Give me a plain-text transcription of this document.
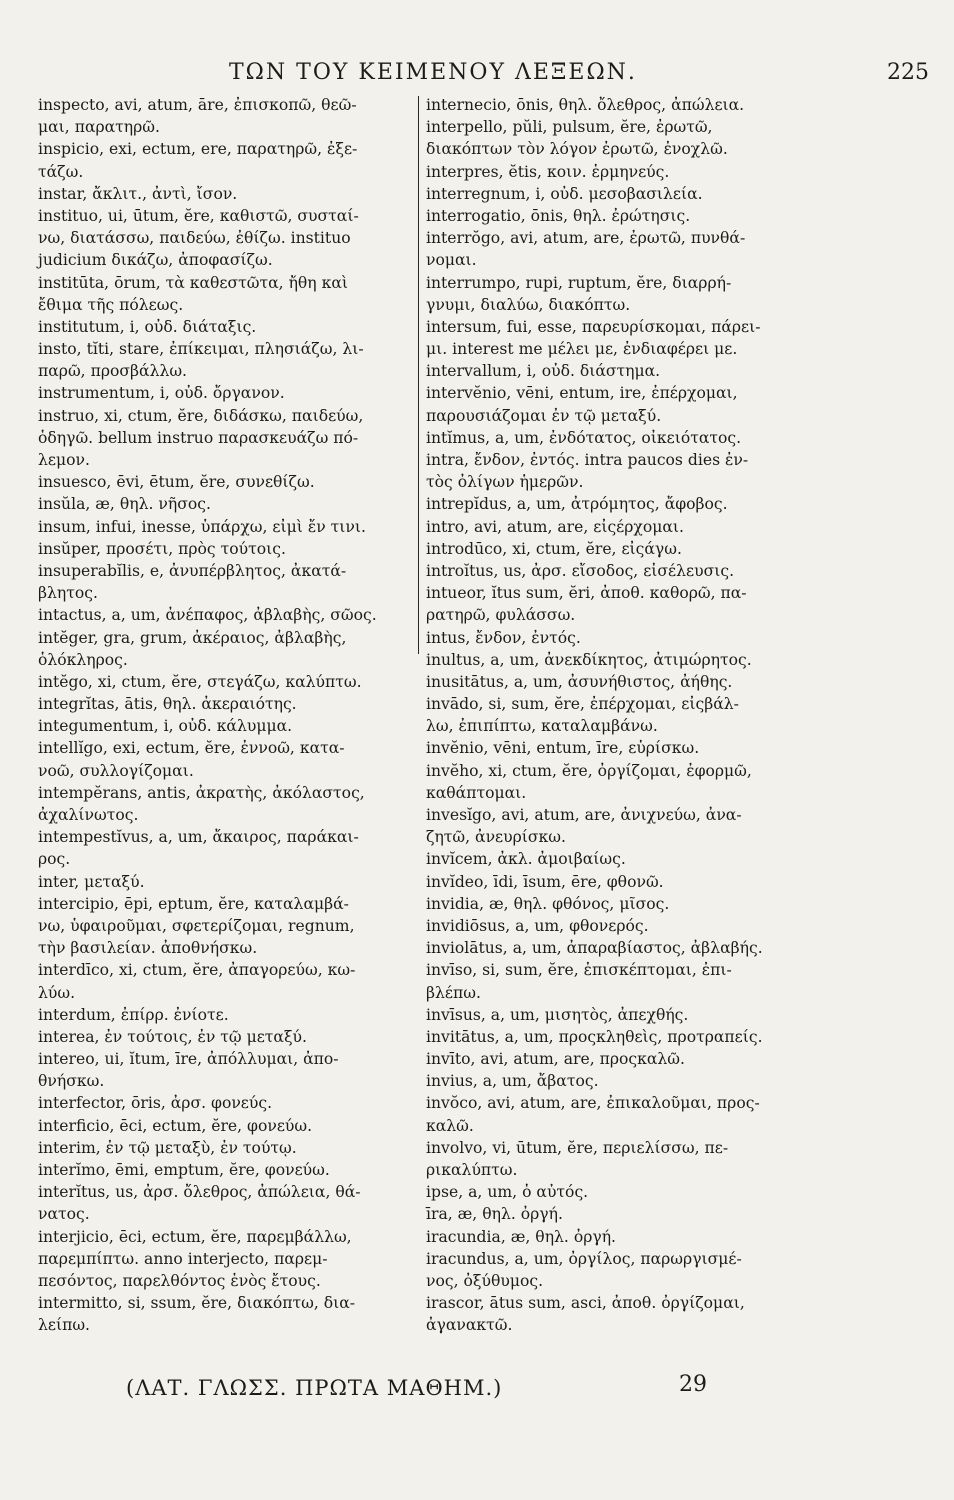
ΤΩΝ ΤΟΥ ΚΕΙΜΕΝΟΥ ΛΕΞΕΩΝ.	225
inspecto, avi, atum, āre, ἐπισκοπῶ, θεῶ-
μαι, παρατηρῶ.
inspicio, exi, ectum, ere, παρατηρῶ, ἐξε-
τάζω.
instar, ἄκλιτ., ἀντὶ, ἴσον.
instituo, ui, ūtum, ĕre, καθιστῶ, συσταί-
νω, διατάσσω, παιδεύω, ἐθίζω. instituo
judicium δικάζω, ἀποφασίζω.
institūta, ōrum, τὰ καθεστῶτα, ἤθη καὶ
ἔθιμα τῆς πόλεως.
institutum, i, οὐδ. διάταξις.
insto, tĭti, stare, ἐπίκειμαι, πλησιάζω, λι-
παρῶ, προσβάλλω.
instrumentum, i, οὐδ. ὄργανον.
instruo, xi, ctum, ĕre, διδάσκω, παιδεύω,
ὁδηγῶ. bellum instruo παρασκευάζω πό-
λεμον.
insuesco, ēvi, ētum, ĕre, συνεθίζω.
insŭla, æ, θηλ. νῆσος.
insum, infui, inesse, ὑπάρχω, εἰμὶ ἔν τινι.
insŭper, προσέτι, πρὸς τούτοις.
insuperabĭlis, e, ἀνυπέρβλητος, ἀκατά-
βλητος.
intactus, a, um, ἀνέπαφος, ἀβλαβὴς, σῶος.
intĕger, gra, grum, ἀκέραιος, ἀβλαβὴς,
ὁλόκληρος.
intĕgo, xi, ctum, ĕre, στεγάζω, καλύπτω.
integrĭtas, ātis, θηλ. ἀκεραιότης.
integumentum, i, οὐδ. κάλυμμα.
intellĭgo, exi, ectum, ĕre, ἐννοῶ, κατα-
νοῶ, συλλογίζομαι.
intempĕrans, antis, ἀκρατὴς, ἀκόλαστος,
ἀχαλίνωτος.
intempestĭvus, a, um, ἄκαιρος, παράκαι-
ρος.
inter, μεταξύ.
intercipio, ēpi, eptum, ĕre, καταλαμβά-
νω, ὑφαιροῦμαι, σφετερίζομαι, regnum,
τὴν βασιλείαν. ἀποθνήσκω.
interdīco, xi, ctum, ĕre, ἀπαγορεύω, κω-
λύω.
interdum, ἐπίρρ. ἐνίοτε.
interea, ἐν τούτοις, ἐν τῷ μεταξύ.
intereo, ui, ĭtum, īre, ἀπόλλυμαι, ἀπο-
θνήσκω.
interfector, ōris, ἀρσ. φονεύς.
interficio, ēci, ectum, ĕre, φονεύω.
interim, ἐν τῷ μεταξὺ, ἐν τούτῳ.
interĭmo, ēmi, emptum, ĕre, φονεύω.
interĭtus, us, ἀρσ. ὄλεθρος, ἀπώλεια, θά-
νατος.
interjicio, ēci, ectum, ĕre, παρεμβάλλω,
παρεμπίπτω. anno interjecto, παρεμ-
πεσόντος, παρελθόντος ἑνὸς ἔτους.
intermitto, si, ssum, ĕre, διακόπτω, δια-
λείπω.
internecio, ōnis, θηλ. ὄλεθρος, ἀπώλεια.
interpello, pŭli, pulsum, ĕre, ἐρωτῶ,
διακόπτων τὸν λόγον ἐρωτῶ, ἐνοχλῶ.
interpres, ĕtis, κοιν. ἑρμηνεύς.
interregnum, i, οὐδ. μεσοβασιλεία.
interrogatio, ōnis, θηλ. ἐρώτησις.
interrŏgo, avi, atum, are, ἐρωτῶ, πυνθά-
νομαι.
interrumpo, rupi, ruptum, ĕre, διαρρή-
γνυμι, διαλύω, διακόπτω.
intersum, fui, esse, παρευρίσκομαι, πάρει-
μι. interest me μέλει με, ἐνδιαφέρει με.
intervallum, i, οὐδ. διάστημα.
intervĕnio, vēni, entum, ire, ἐπέρχομαι,
παρουσιάζομαι ἐν τῷ μεταξύ.
intĭmus, a, um, ἐνδότατος, οἰκειότατος.
intra, ἔνδον, ἐντός. intra paucos dies ἐν-
τὸς ὀλίγων ἡμερῶν.
intrepĭdus, a, um, ἀτρόμητος, ἄφοβος.
intro, avi, atum, are, εἰςέρχομαι.
introdūco, xi, ctum, ĕre, εἰςάγω.
introĭtus, us, ἀρσ. εἴσοδος, εἰσέλευσις.
intueor, ĭtus sum, ĕri, ἀποθ. καθορῶ, πα-
ρατηρῶ, φυλάσσω.
intus, ἔνδον, ἐντός.
inultus, a, um, ἀνεκδίκητος, ἀτιμώρητος.
inusitātus, a, um, ἀσυνήθιστος, ἀήθης.
invādo, si, sum, ĕre, ἐπέρχομαι, εἰςβάλ-
λω, ἐπιπίπτω, καταλαμβάνω.
invĕnio, vēni, entum, īre, εὑρίσκω.
invĕho, xi, ctum, ĕre, ὀργίζομαι, ἐφορμῶ,
καθάπτομαι.
invesĭgo, avi, atum, are, ἀνιχνεύω, ἀνα-
ζητῶ, ἀνευρίσκω.
invĭcem, ἀκλ. ἀμοιβαίως.
invĭdeo, īdi, īsum, ēre, φθονῶ.
invidia, æ, θηλ. φθόνος, μῖσος.
invidiōsus, a, um, φθονερός.
inviolātus, a, um, ἀπαραβίαστος, ἀβλαβής.
invīso, si, sum, ĕre, ἐπισκέπτομαι, ἐπι-
βλέπω.
invīsus, a, um, μισητὸς, ἀπεχθής.
invitātus, a, um, προςκληθεὶς, προτραπείς.
invīto, avi, atum, are, προςκαλῶ.
invius, a, um, ἄβατος.
invŏco, avi, atum, are, ἐπικαλοῦμαι, προς-
καλῶ.
involvo, vi, ūtum, ĕre, περιελίσσω, πε-
ρικαλύπτω.
ipse, a, um, ὁ αὐτός.
īra, æ, θηλ. ὀργή.
iracundia, æ, θηλ. ὀργή.
iracundus, a, um, ὀργίλος, παρωργισμέ-
νος, ὀξύθυμος.
irascor, ātus sum, asci, ἀποθ. ὀργίζομαι,
ἀγανακτῶ.
(ΛΑΤ. ΓΛΩΣΣ. ΠΡΩΤΑ ΜΑΘΗΜ.)	29
